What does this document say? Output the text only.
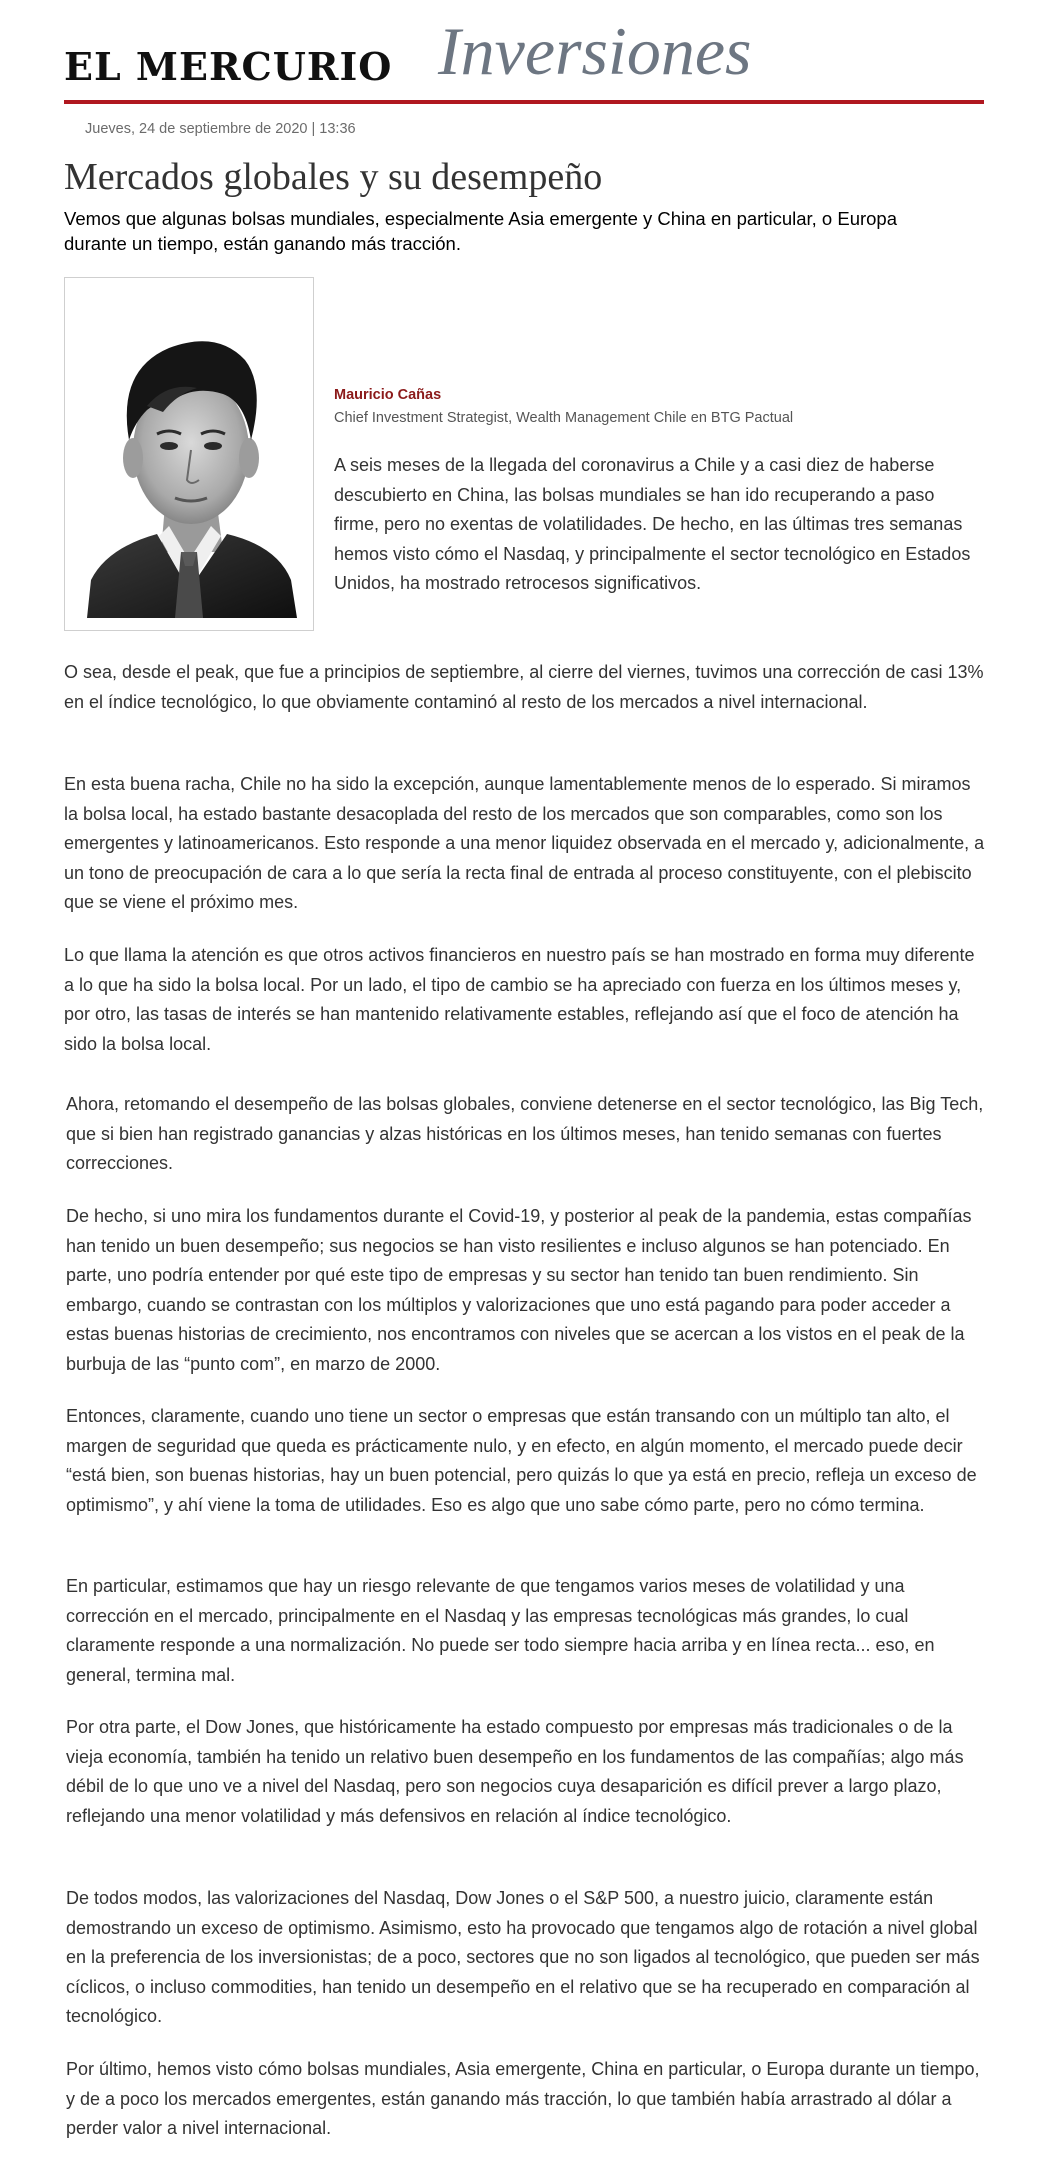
EL MERCURIO Inversiones
Jueves, 24 de septiembre de 2020 | 13:36
Mercados globales y su desempeño

Vemos que algunas bolsas mundiales, especialmente Asia emergente y China en particular, o Europa durante un tiempo, están ganando más tracción.

Mauricio Cañas
Chief Investment Strategist, Wealth Management Chile en BTG Pactual

A seis meses de la llegada del coronavirus a Chile y a casi diez de haberse descubierto en China, las bolsas mundiales se han ido recuperando a paso firme, pero no exentas de volatilidades. De hecho, en las últimas tres semanas hemos visto cómo el Nasdaq, y principalmente el sector tecnológico en Estados Unidos, ha mostrado retrocesos significativos.

O sea, desde el peak, que fue a principios de septiembre, al cierre del viernes, tuvimos una corrección de casi 13% en el índice tecnológico, lo que obviamente contaminó al resto de los mercados a nivel internacional.

En esta buena racha, Chile no ha sido la excepción, aunque lamentablemente menos de lo esperado. Si miramos la bolsa local, ha estado bastante desacoplada del resto de los mercados que son comparables, como son los emergentes y latinoamericanos. Esto responde a una menor liquidez observada en el mercado y, adicionalmente, a un tono de preocupación de cara a lo que sería la recta final de entrada al proceso constituyente, con el plebiscito que se viene el próximo mes.

Lo que llama la atención es que otros activos financieros en nuestro país se han mostrado en forma muy diferente a lo que ha sido la bolsa local. Por un lado, el tipo de cambio se ha apreciado con fuerza en los últimos meses y, por otro, las tasas de interés se han mantenido relativamente estables, reflejando así que el foco de atención ha sido la bolsa local.

Ahora, retomando el desempeño de las bolsas globales, conviene detenerse en el sector tecnológico, las Big Tech, que si bien han registrado ganancias y alzas históricas en los últimos meses, han tenido semanas con fuertes correcciones.

De hecho, si uno mira los fundamentos durante el Covid-19, y posterior al peak de la pandemia, estas compañías han tenido un buen desempeño; sus negocios se han visto resilientes e incluso algunos se han potenciado. En parte, uno podría entender por qué este tipo de empresas y su sector han tenido tan buen rendimiento. Sin embargo, cuando se contrastan con los múltiplos y valorizaciones que uno está pagando para poder acceder a estas buenas historias de crecimiento, nos encontramos con niveles que se acercan a los vistos en el peak de la burbuja de las “punto com”, en marzo de 2000.

Entonces, claramente, cuando uno tiene un sector o empresas que están transando con un múltiplo tan alto, el margen de seguridad que queda es prácticamente nulo, y en efecto, en algún momento, el mercado puede decir “está bien, son buenas historias, hay un buen potencial, pero quizás lo que ya está en precio, refleja un exceso de optimismo”, y ahí viene la toma de utilidades. Eso es algo que uno sabe cómo parte, pero no cómo termina.

En particular, estimamos que hay un riesgo relevante de que tengamos varios meses de volatilidad y una corrección en el mercado, principalmente en el Nasdaq y las empresas tecnológicas más grandes, lo cual claramente responde a una normalización. No puede ser todo siempre hacia arriba y en línea recta... eso, en general, termina mal.

Por otra parte, el Dow Jones, que históricamente ha estado compuesto por empresas más tradicionales o de la vieja economía, también ha tenido un relativo buen desempeño en los fundamentos de las compañías; algo más débil de lo que uno ve a nivel del Nasdaq, pero son negocios cuya desaparición es difícil prever a largo plazo, reflejando una menor volatilidad y más defensivos en relación al índice tecnológico.

De todos modos, las valorizaciones del Nasdaq, Dow Jones o el S&P 500, a nuestro juicio, claramente están demostrando un exceso de optimismo. Asimismo, esto ha provocado que tengamos algo de rotación a nivel global en la preferencia de los inversionistas; de a poco, sectores que no son ligados al tecnológico, que pueden ser más cíclicos, o incluso commodities, han tenido un desempeño en el relativo que se ha recuperado en comparación al tecnológico.

Por último, hemos visto cómo bolsas mundiales, Asia emergente, China en particular, o Europa durante un tiempo, y de a poco los mercados emergentes, están ganando más tracción, lo que también había arrastrado al dólar a perder valor a nivel internacional.
